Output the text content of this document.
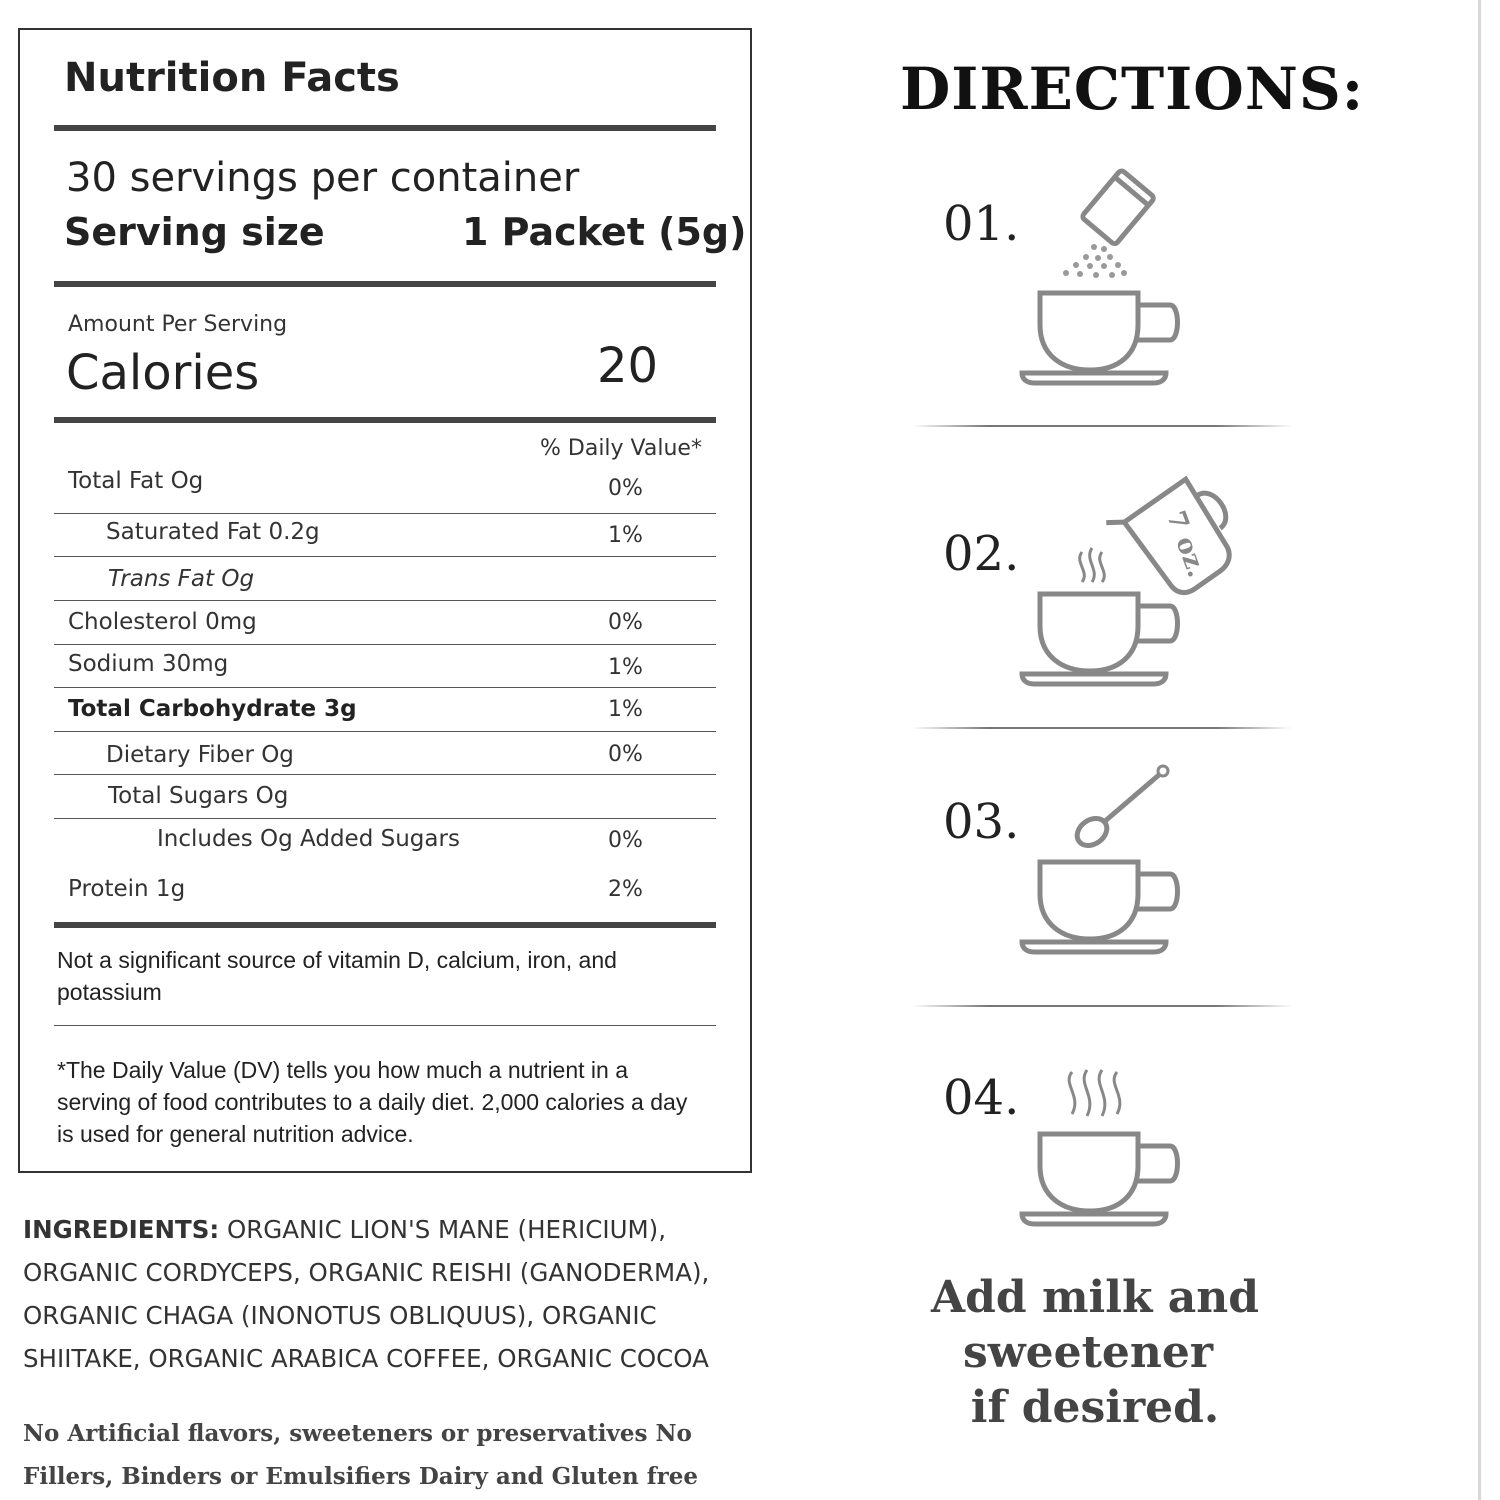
Nutrition Facts
30 servings per container
Serving size	1 Packet (5g)
Amount Per Serving
Calories	20
% Daily Value*
Total Fat Og	0%
Saturated Fat 0.2g	1%
Trans Fat Og
Cholesterol 0mg	0%
Sodium 30mg	1%
Total Carbohydrate 3g	1%
Dietary Fiber Og	0%
Total Sugars Og
Includes Og Added Sugars	0%
Protein 1g	2%
Not a significant source of vitamin D, calcium, iron, and potassium
*The Daily Value (DV) tells you how much a nutrient in a serving of food contributes to a daily diet. 2,000 calories a day is used for general nutrition advice.
INGREDIENTS: ORGANIC LION'S MANE (HERICIUM), ORGANIC CORDYCEPS, ORGANIC REISHI (GANODERMA), ORGANIC CHAGA (INONOTUS OBLIQUUS), ORGANIC SHIITAKE, ORGANIC ARABICA COFFEE, ORGANIC COCOA
No Artificial flavors, sweeteners or preservatives No Fillers, Binders or Emulsifiers Dairy and Gluten free
DIRECTIONS:
01.
02.	7 oz.
03.
04.
Add milk and
sweetener
if desired.
